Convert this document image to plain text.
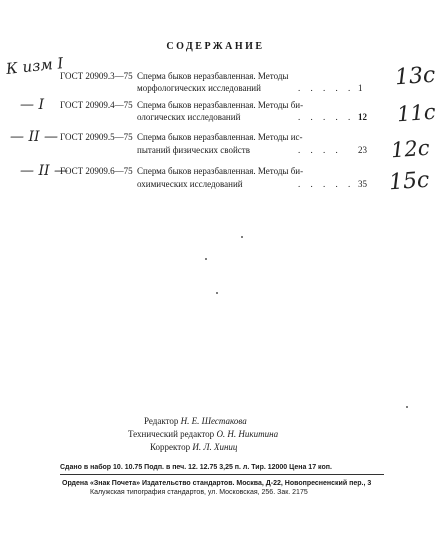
СОДЕРЖАНИЕ
ГОСТ 20909.3—75 Сперма быков неразбавленная. Методы
морфологических исследований	. . . . . 1
ГОСТ 20909.4—75 Сперма быков неразбавленная. Методы би-
ологических исследований	. . . . . 12
ГОСТ 20909.5—75 Сперма быков неразбавленная. Методы ис-
пытаний физических свойств	. . . . 23
ГОСТ 20909.6—75 Сперма быков неразбавленная. Методы би-
охимических исследований	. . . . . 35
К изм I
— I
— II —
— II —
13с
11с
12с
15с
Редактор Н. Е. Шестакова
Технический редактор О. Н. Никитина
Корректор И. Л. Хиниц
Сдано в набор 10. 10.75 Подп. в печ. 12. 12.75 3,25 п. л. Тир. 12000 Цена 17 коп.
Ордена «Знак Почета» Издательство стандартов. Москва, Д-22, Новопресненский пер., 3
Калужская типография стандартов, ул. Московская, 256. Зак. 2175
